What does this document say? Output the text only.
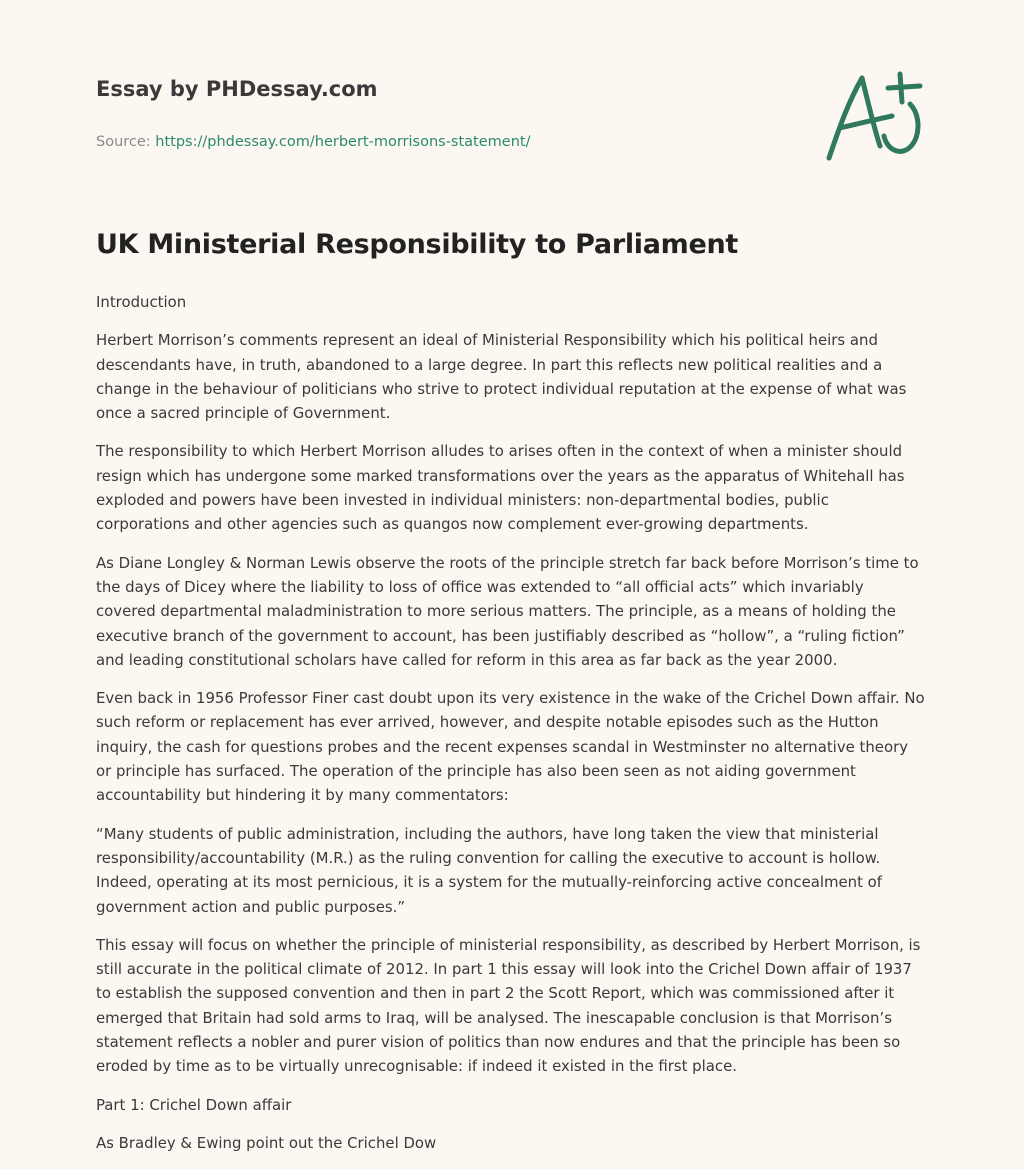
Essay by PHDessay.com
Source: https://phdessay.com/herbert-morrisons-statement/
UK Ministerial Responsibility to Parliament

Introduction

Herbert Morrison’s comments represent an ideal of Ministerial Responsibility which his political heirs and descendants have, in truth, abandoned to a large degree. In part this reflects new political realities and a change in the behaviour of politicians who strive to protect individual reputation at the expense of what was once a sacred principle of Government.

The responsibility to which Herbert Morrison alludes to arises often in the context of when a minister should resign which has undergone some marked transformations over the years as the apparatus of Whitehall has exploded and powers have been invested in individual ministers: non-departmental bodies, public corporations and other agencies such as quangos now complement ever-growing departments.

As Diane Longley & Norman Lewis observe the roots of the principle stretch far back before Morrison’s time to the days of Dicey where the liability to loss of office was extended to “all official acts” which invariably covered departmental maladministration to more serious matters. The principle, as a means of holding the executive branch of the government to account, has been justifiably described as “hollow”, a “ruling fiction” and leading constitutional scholars have called for reform in this area as far back as the year 2000.

Even back in 1956 Professor Finer cast doubt upon its very existence in the wake of the Crichel Down affair. No such reform or replacement has ever arrived, however, and despite notable episodes such as the Hutton inquiry, the cash for questions probes and the recent expenses scandal in Westminster no alternative theory or principle has surfaced. The operation of the principle has also been seen as not aiding government accountability but hindering it by many commentators:

“Many students of public administration, including the authors, have long taken the view that ministerial responsibility/accountability (M.R.) as the ruling convention for calling the executive to account is hollow. Indeed, operating at its most pernicious, it is a system for the mutually-reinforcing active concealment of government action and public purposes.”

This essay will focus on whether the principle of ministerial responsibility, as described by Herbert Morrison, is still accurate in the political climate of 2012. In part 1 this essay will look into the Crichel Down affair of 1937 to establish the supposed convention and then in part 2 the Scott Report, which was commissioned after it emerged that Britain had sold arms to Iraq, will be analysed. The inescapable conclusion is that Morrison’s statement reflects a nobler and purer vision of politics than now endures and that the principle has been so eroded by time as to be virtually unrecognisable: if indeed it existed in the first place.

Part 1: Crichel Down affair

As Bradley & Ewing point out the Crichel Dow
